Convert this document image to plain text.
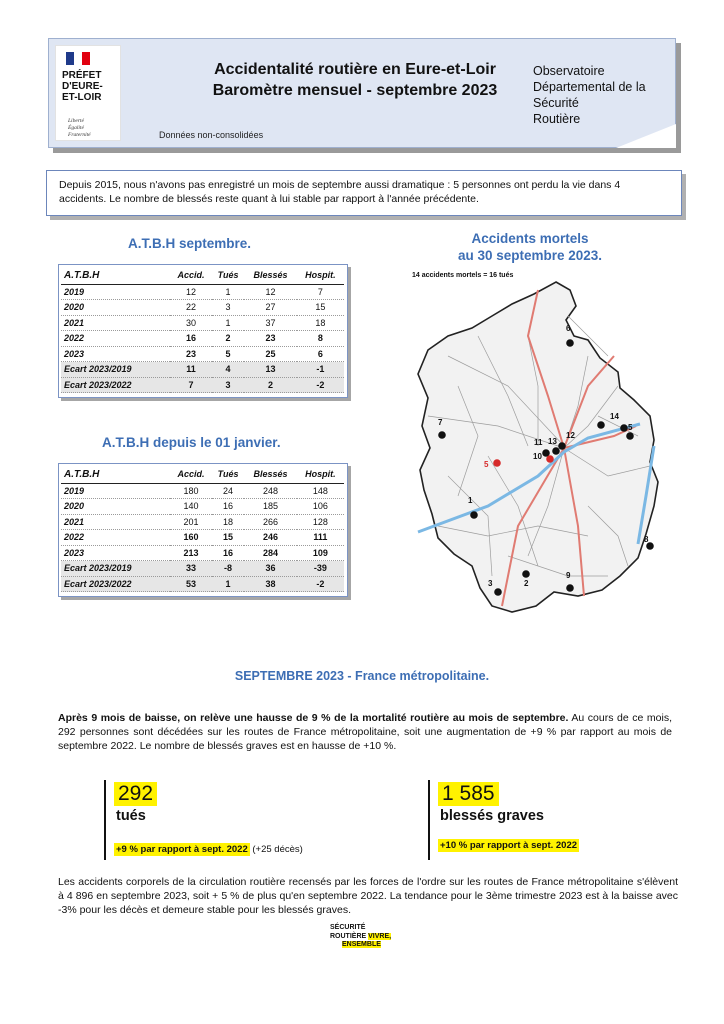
PRÉFET
D'EURE-
ET-LOIR
Liberté
Égalité
Fraternité
Accidentalité routière en Eure-et-Loir
Baromètre mensuel - septembre 2023
Observatoire
Départemental de la
Sécurité
Routière
Données non-consolidées
Depuis 2015, nous n'avons pas enregistré un mois de septembre aussi dramatique : 5 personnes ont perdu la vie dans 4 accidents. Le nombre de blessés reste quant à lui stable par rapport à l'année précédente.
A.T.B.H septembre.
A.T.B.H	Accid.	Tués	Blessés	Hospit.
2019	12	1	12	7
2020	22	3	27	15
2021	30	1	37	18
2022	16	2	23	8
2023	23	5	25	6
Ecart 2023/2019	11	4	13	-1
Ecart 2023/2022	7	3	2	-2
A.T.B.H depuis le 01 janvier.
A.T.B.H	Accid.	Tués	Blessés	Hospit.
2019	180	24	248	148
2020	140	16	185	106
2021	201	18	266	128
2022	160	15	246	111
2023	213	16	284	109
Ecart 2023/2019	33	-8	36	-39
Ecart 2023/2022	53	1	38	-2
Accidents mortels
au 30 septembre 2023.
14 accidents mortels = 16 tués
6
7
11
10
12
13
5
4
14
5
1
8
2
3
9
SEPTEMBRE 2023 - France métropolitaine.
Après 9 mois de baisse, on relève une hausse de 9 % de la mortalité routière au mois de septembre. Au cours de ce mois, 292 personnes sont décédées sur les routes de France métropolitaine, soit une augmentation de +9 % par rapport au mois de septembre 2022. Le nombre de blessés graves est en hausse de +10 %.
292
tués
+9 % par rapport à sept. 2022 (+25 décès)
1 585
blessés graves
+10 % par rapport à sept. 2022
Les accidents corporels de la circulation routière recensés par les forces de l'ordre sur les routes de France métropolitaine s'élèvent à 4 896 en septembre 2023, soit + 5 % de plus qu'en septembre 2022. La tendance pour le 3ème trimestre 2023 est à la baisse avec -3% pour les décès et demeure stable pour les blessés graves.
SÉCURITÉ
ROUTIÈRE VIVRE,
ENSEMBLE
